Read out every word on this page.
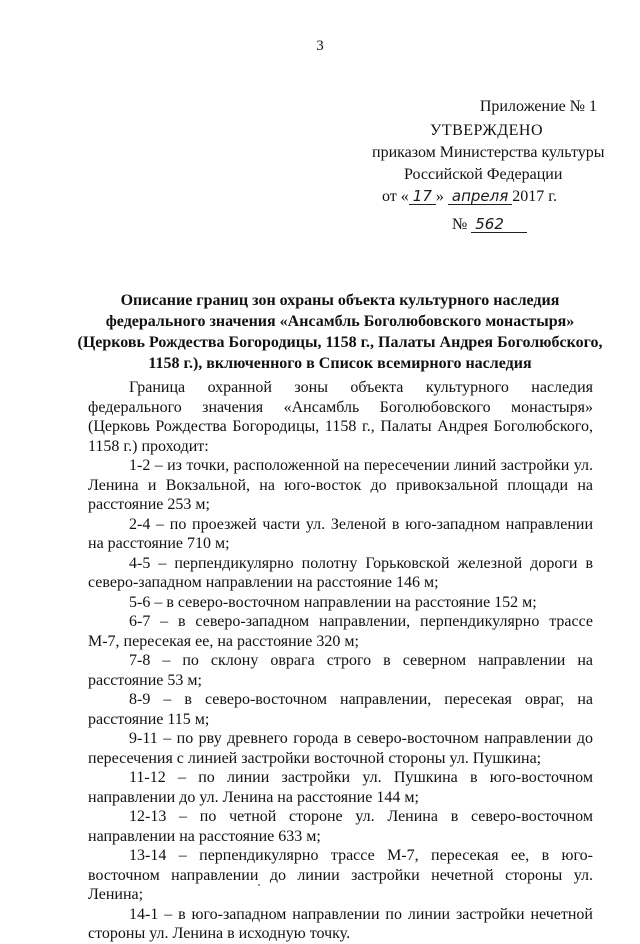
3
Приложение № 1
УТВЕРЖДЕНО
приказом Министерства культуры
Российской Федерации
от « 17 » апреля 2017 г.
№ 562
Описание границ зон охраны объекта культурного наследия
федерального значения «Ансамбль Боголюбовского монастыря»
(Церковь Рождества Богородицы, 1158 г., Палаты Андрея Боголюбского,
1158 г.), включенного в Список всемирного наследия

Граница охранной зоны объекта культурного наследия федерального значения «Ансамбль Боголюбовского монастыря» (Церковь Рождества Богородицы, 1158 г., Палаты Андрея Боголюбского, 1158 г.) проходит:

1-2 – из точки, расположенной на пересечении линий застройки ул. Ленина и Вокзальной, на юго-восток до привокзальной площади на расстояние 253 м;

2-4 – по проезжей части ул. Зеленой в юго-западном направлении на расстояние 710 м;

4-5 – перпендикулярно полотну Горьковской железной дороги в северо-западном направлении на расстояние 146 м;

5-6 – в северо-восточном направлении на расстояние 152 м;

6-7 – в северо-западном направлении, перпендикулярно трассе М-7, пересекая ее, на расстояние 320 м;

7-8 – по склону оврага строго в северном направлении на расстояние 53 м;

8-9 – в северо-восточном направлении, пересекая овраг, на расстояние 115 м;

9-11 – по рву древнего города в северо-восточном направлении до пересечения с линией застройки восточной стороны ул. Пушкина;

11-12 – по линии застройки ул. Пушкина в юго-восточном направлении до ул. Ленина на расстояние 144 м;

12-13 – по четной стороне ул. Ленина в северо-восточном направлении на расстояние 633 м;

13-14 – перпендикулярно трассе М-7, пересекая ее, в юго-восточном направлении до линии застройки нечетной стороны ул. Ленина;

14-1 – в юго-западном направлении по линии застройки нечетной стороны ул. Ленина в исходную точку.
